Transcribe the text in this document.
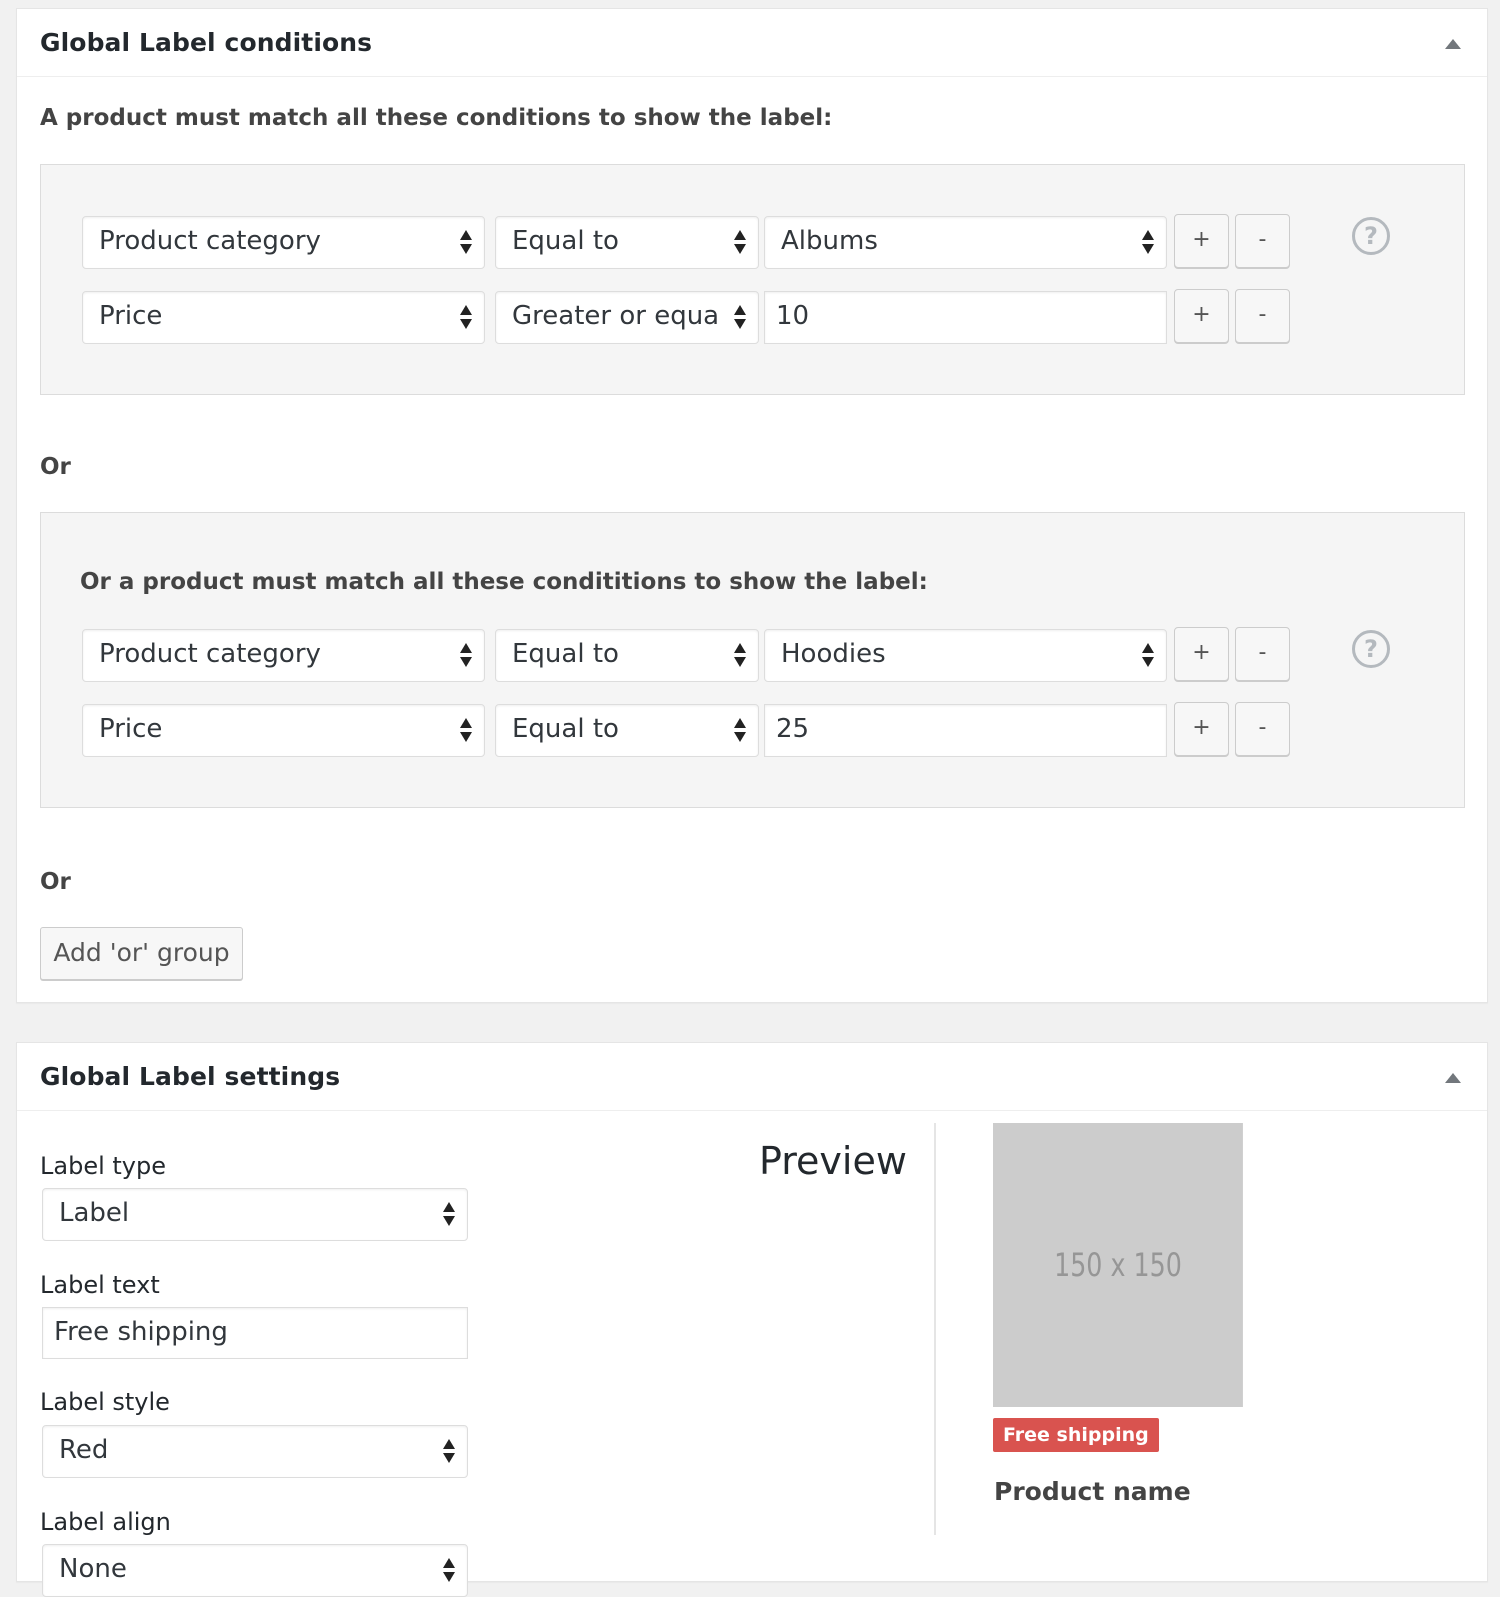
Global Label conditions
A product must match all these conditions to show the label:
Product category	Equal to	Albums	+	-	?
Price	Greater or equa	10	+	-
Or
Or a product must match all these condititions to show the label:
Product category	Equal to	Hoodies	+	-	?
Price	Equal to	25	+	-
Or
Add 'or' group
Global Label settings
Label type
Label
Label text
Free shipping
Label style
Red
Label align
None
Preview
150 x 150
Free shipping
Product name
